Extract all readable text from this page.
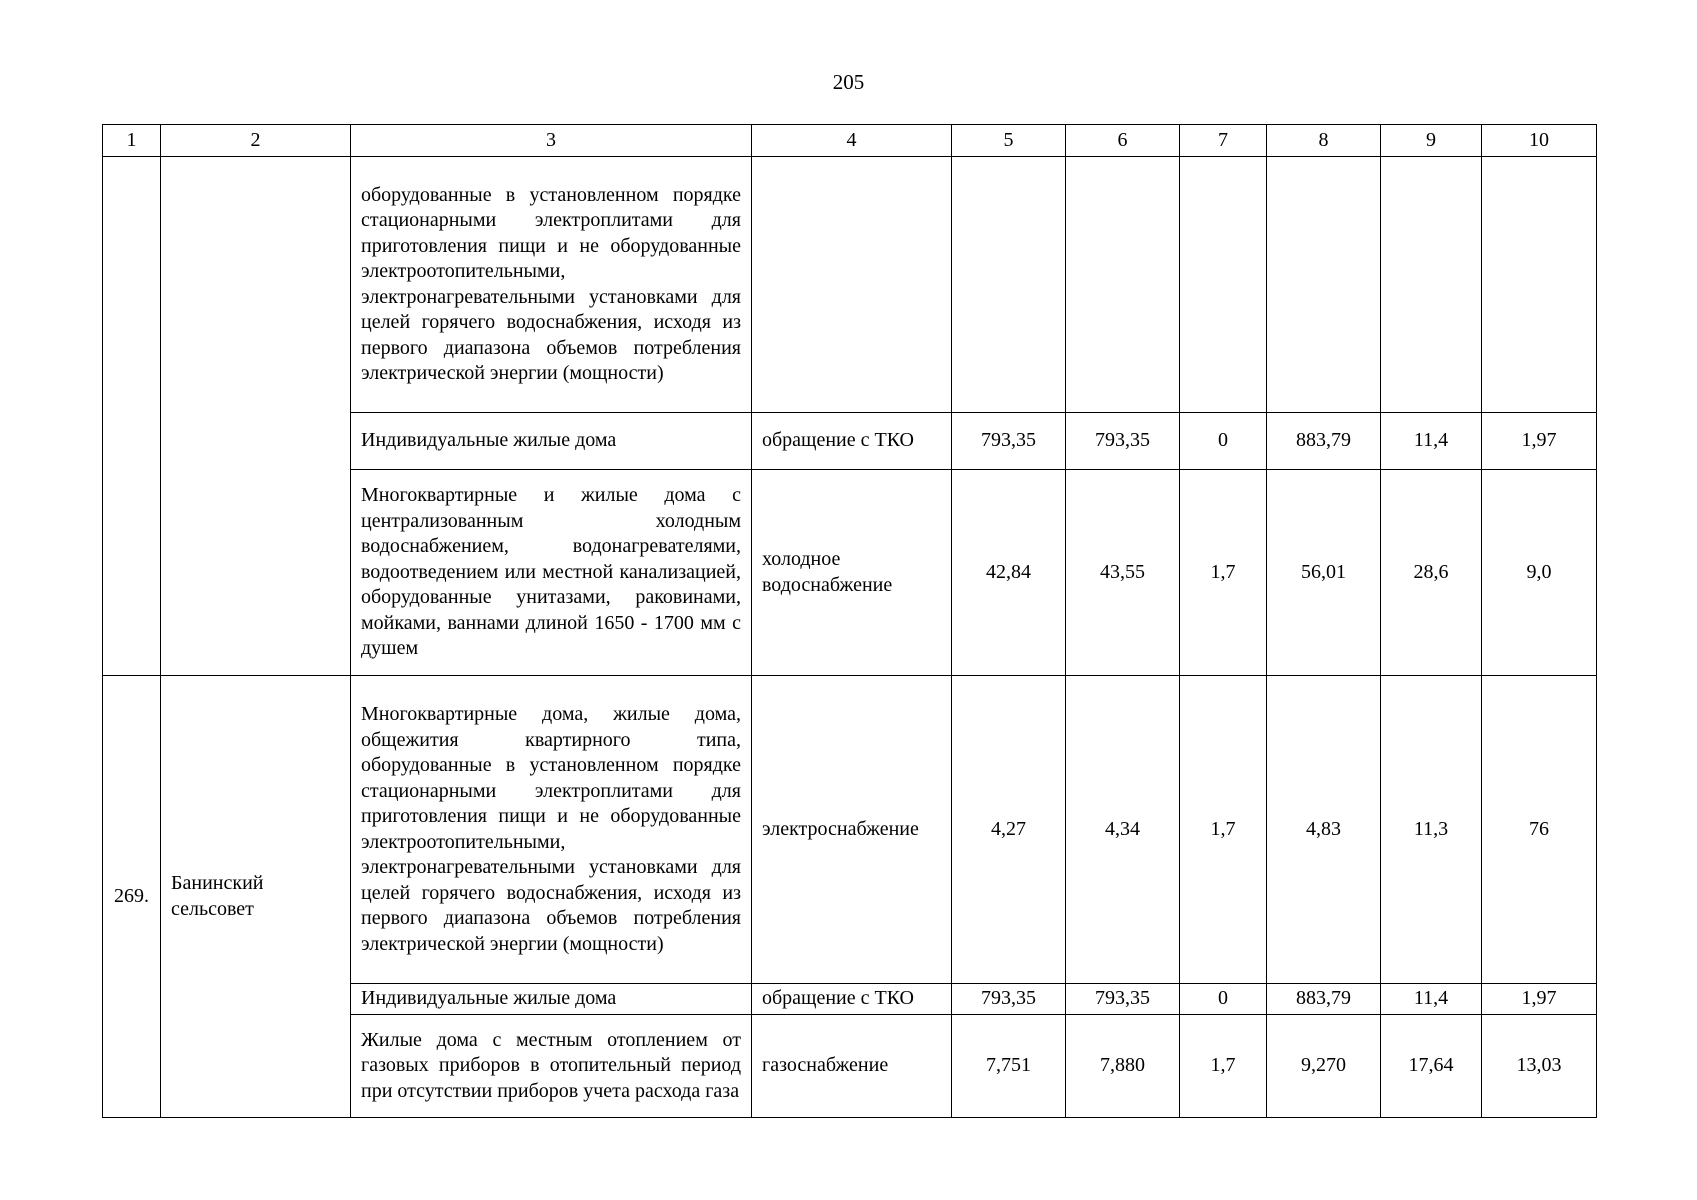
205
1	2	3	4	5	6	7	8	9	10
		оборудованные в установленном порядке стационарными электроплитами для приготовления пищи и не оборудованные электроотопительными, электронагревательными установками для целей горячего водоснабжения, исходя из первого диапазона объемов потребления электрической энергии (мощности)							
		Индивидуальные жилые дома	обращение с ТКО	793,35	793,35	0	883,79	11,4	1,97
		Многоквартирные и жилые дома с централизованным холодным водоснабжением, водонагревателями, водоотведением или местной канализацией, оборудованные унитазами, раковинами, мойками, ваннами длиной 1650 - 1700 мм с душем	холодное водоснабжение	42,84	43,55	1,7	56,01	28,6	9,0
269.	Банинский сельсовет	Многоквартирные дома, жилые дома, общежития квартирного типа, оборудованные в установленном порядке стационарными электроплитами для приготовления пищи и не оборудованные электроотопительными, электронагревательными установками для целей горячего водоснабжения, исходя из первого диапазона объемов потребления электрической энергии (мощности)	электроснабжение	4,27	4,34	1,7	4,83	11,3	76
		Индивидуальные жилые дома	обращение с ТКО	793,35	793,35	0	883,79	11,4	1,97
		Жилые дома с местным отоплением от газовых приборов в отопительный период при отсутствии приборов учета расхода газа	газоснабжение	7,751	7,880	1,7	9,270	17,64	13,03
